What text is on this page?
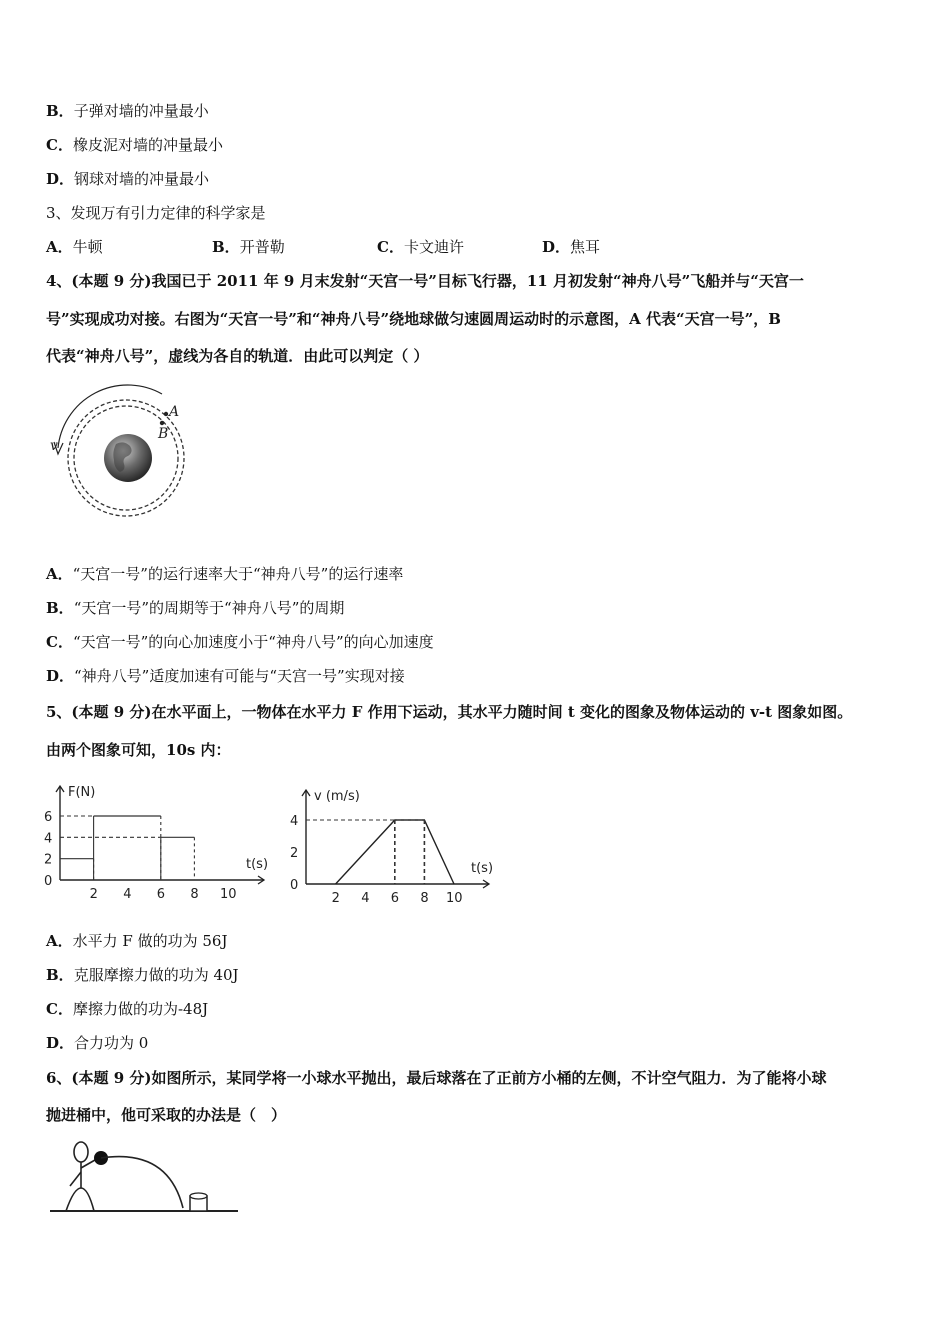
B．子弹对墙的冲量最小
C．橡皮泥对墙的冲量最小
D．钢球对墙的冲量最小
3、发现万有引力定律的科学家是
A．牛顿	B．开普勒	C．卡文迪许	D．焦耳
4、(本题 9 分)我国已于 2011 年 9 月末发射“天宫一号”目标飞行器，11 月初发射“神舟八号”飞船并与“天宫一
号”实现成功对接。右图为“天宫一号”和“神舟八号”绕地球做匀速圆周运动时的示意图，A 代表“天宫一号”，B
代表“神舟八号”，虚线为各自的轨道．由此可以判定（ ）
A
B
v
A．“天宫一号”的运行速率大于“神舟八号”的运行速率
B．“天宫一号”的周期等于“神舟八号”的周期
C．“天宫一号”的向心加速度小于“神舟八号”的向心加速度
D．“神舟八号”适度加速有可能与“天宫一号”实现对接
5、(本题 9 分)在水平面上，一物体在水平力 F 作用下运动，其水平力随时间 t 变化的图象及物体运动的 v-t 图象如图。
由两个图象可知，10s 内：
2 4 6 8 10
0
2
4
6
F(N)
t(s)
2 4 6 8 10
0
2
4
v (m/s)
t(s)
A．水平力 F 做的功为 56J
B．克服摩擦力做的功为 40J
C．摩擦力做的功为-48J
D．合力功为 0
6、(本题 9 分)如图所示，某同学将一小球水平抛出，最后球落在了正前方小桶的左侧，不计空气阻力．为了能将小球
抛进桶中，他可采取的办法是（　）
